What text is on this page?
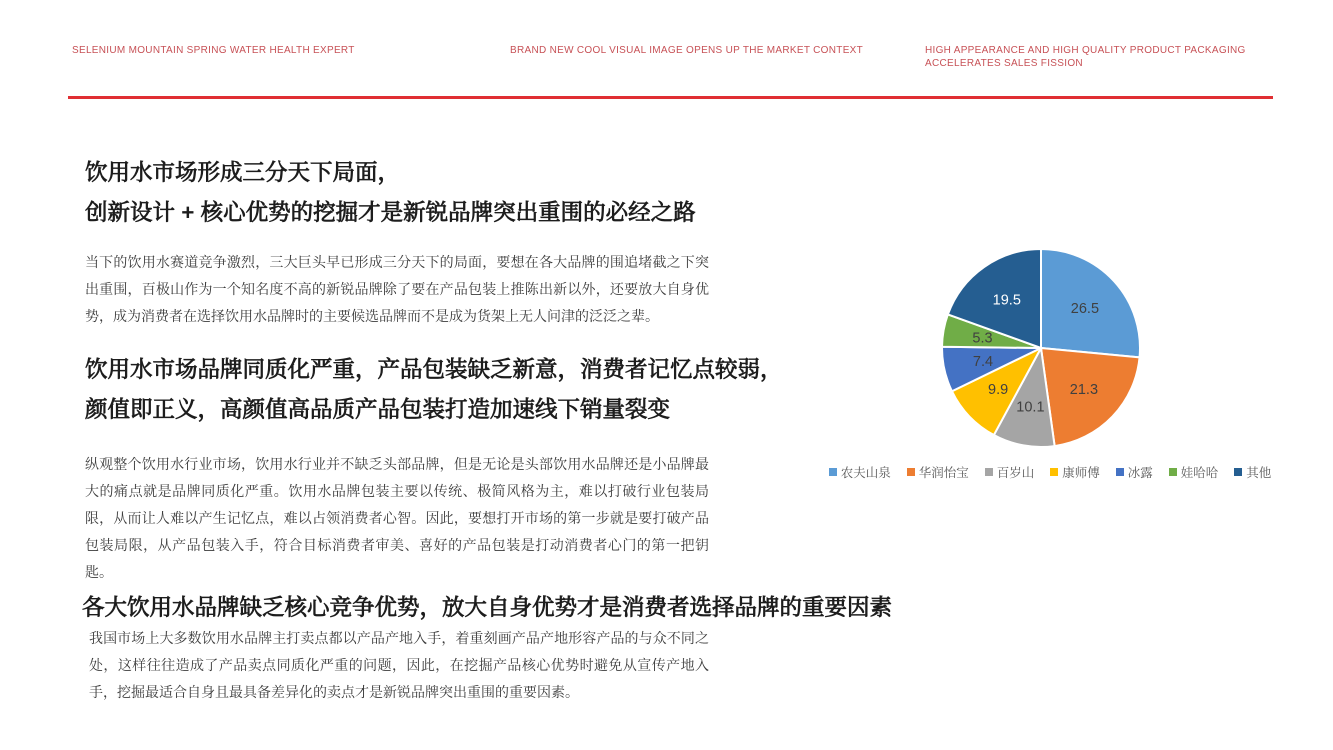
SELENIUM MOUNTAIN SPRING WATER HEALTH EXPERT	BRAND NEW COOL VISUAL IMAGE OPENS UP THE MARKET CONTEXT	HIGH APPEARANCE AND HIGH QUALITY PRODUCT PACKAGING
ACCELERATES SALES FISSION
饮用水市场形成三分天下局面，
创新设计 + 核心优势的挖掘才是新锐品牌突出重围的必经之路
当下的饮用水赛道竞争激烈，三大巨头早已形成三分天下的局面，要想在各大品牌的围追堵截之下突出重围，百极山作为一个知名度不高的新锐品牌除了要在产品包装上推陈出新以外，还要放大自身优势，成为消费者在选择饮用水品牌时的主要候选品牌而不是成为货架上无人问津的泛泛之辈。
饮用水市场品牌同质化严重，产品包装缺乏新意，消费者记忆点较弱，
颜值即正义，高颜值高品质产品包装打造加速线下销量裂变
纵观整个饮用水行业市场，饮用水行业并不缺乏头部品牌，但是无论是头部饮用水品牌还是小品牌最大的痛点就是品牌同质化严重。饮用水品牌包装主要以传统、极简风格为主，难以打破行业包装局限，从而让人难以产生记忆点，难以占领消费者心智。因此，要想打开市场的第一步就是要打破产品包装局限，从产品包装入手，符合目标消费者审美、喜好的产品包装是打动消费者心门的第一把钥匙。
各大饮用水品牌缺乏核心竞争优势，放大自身优势才是消费者选择品牌的重要因素
我国市场上大多数饮用水品牌主打卖点都以产品产地入手，着重刻画产品产地形容产品的与众不同之处，这样往往造成了产品卖点同质化严重的问题，因此，在挖掘产品核心优势时避免从宣传产地入手，挖掘最适合自身且最具备差异化的卖点才是新锐品牌突出重围的重要因素。
26.5
21.3
10.1
9.9
7.4
5.3
19.5
农夫山泉 华润怡宝 百岁山 康师傅 冰露 娃哈哈 其他
